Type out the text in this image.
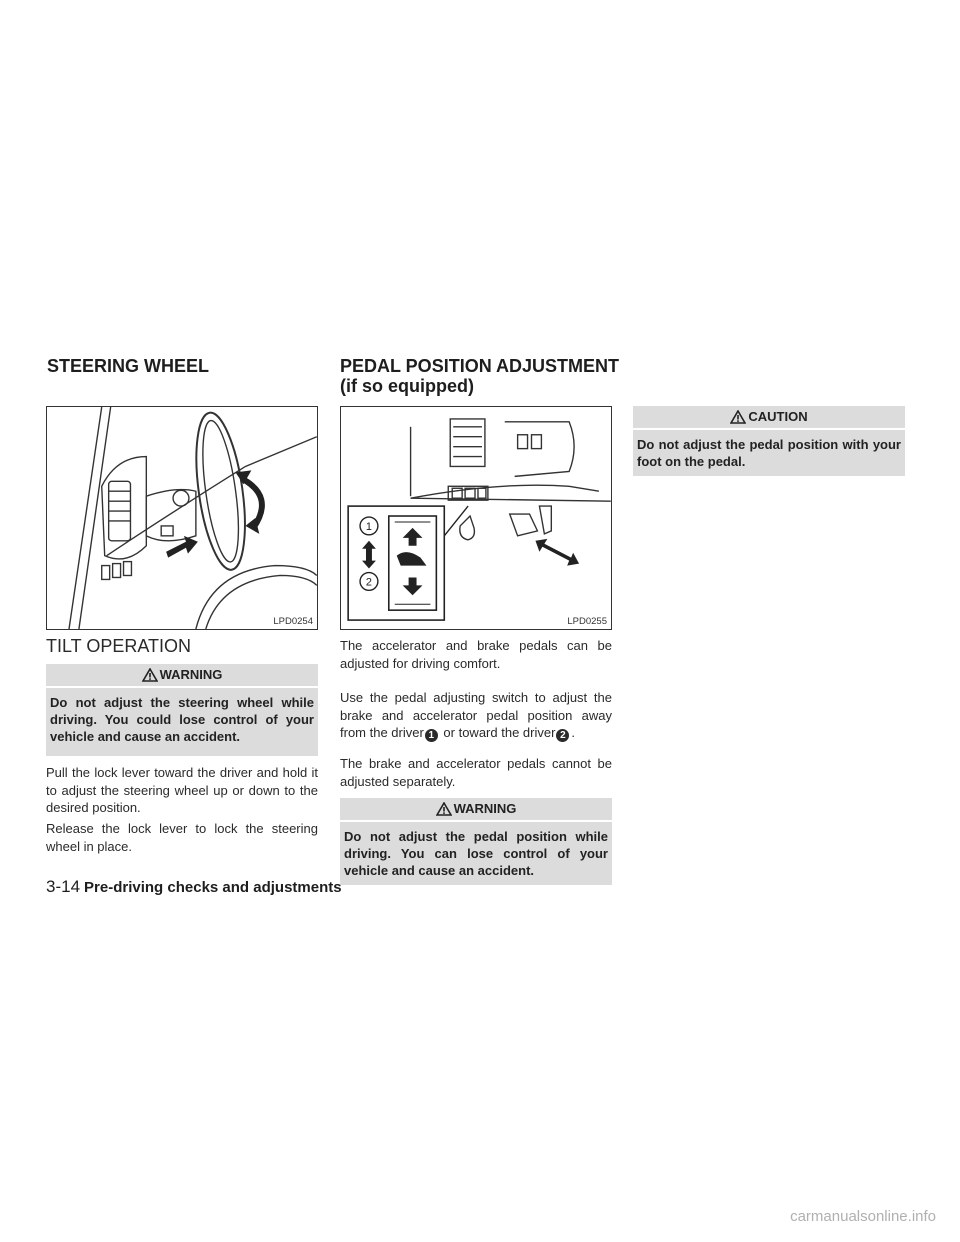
STEERING WHEEL
LPD0254
TILT OPERATION
WARNING

Do not adjust the steering wheel while driving. You could lose control of your vehicle and cause an accident.

Pull the lock lever toward the driver and hold it to adjust the steering wheel up or down to the desired position.

Release the lock lever to lock the steering wheel in place.

PEDAL POSITION ADJUSTMENT (if so equipped)
1
2
LPD0255

The accelerator and brake pedals can be adjusted for driving comfort.

Use the pedal adjusting switch to adjust the brake and accelerator pedal position away from the driver 1 or toward the driver 2 .

The brake and accelerator pedals cannot be adjusted separately.

WARNING

Do not adjust the pedal position while driving. You can lose control of your vehicle and cause an accident.

CAUTION

Do not adjust the pedal position with your foot on the pedal.

3-14 Pre-driving checks and adjustments
carmanualsonline.info
